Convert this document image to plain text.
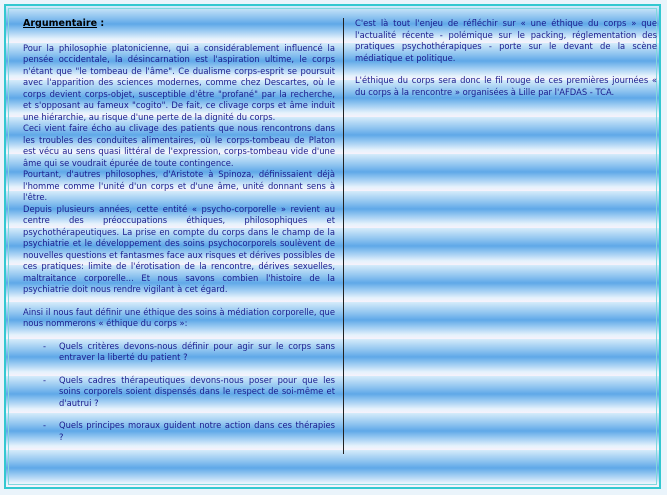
Argumentaire :

Pour la philosophie platonicienne, qui a considérablement influencé la pensée occidentale, la désincarnation est l'aspiration ultime, le corps n'étant que "le tombeau de l'âme". Ce dualisme corps-esprit se poursuit avec l'apparition des sciences modernes, comme chez Descartes, où le corps devient corps-objet, susceptible d'être "profané" par la recherche, et s'opposant au fameux "cogito". De fait, ce clivage corps et âme induit une hiérarchie, au risque d'une perte de la dignité du corps.

Ceci vient faire écho au clivage des patients que nous rencontrons dans les troubles des conduites alimentaires, où le corps-tombeau de Platon est vécu au sens quasi littéral de l'expression, corps-tombeau vide d'une âme qui se voudrait épurée de toute contingence.

Pourtant, d'autres philosophes, d'Aristote à Spinoza, définissaient déjà l'homme comme l'unité d'un corps et d'une âme, unité donnant sens à l'être.

Depuis plusieurs années, cette entité « psycho-corporelle » revient au centre des préoccupations éthiques, philosophiques et psychothérapeutiques. La prise en compte du corps dans le champ de la psychiatrie et le développement des soins psychocorporels soulèvent de nouvelles questions et fantasmes face aux risques et dérives possibles de ces pratiques: limite de l'érotisation de la rencontre, dérives sexuelles, maltraitance corporelle... Et nous savons combien l'histoire de la psychiatrie doit nous rendre vigilant à cet égard.

Ainsi il nous faut définir une éthique des soins à médiation corporelle, que nous nommerons « éthique du corps »:

- Quels critères devons-nous définir pour agir sur le corps sans entraver la liberté du patient ?
- Quels cadres thérapeutiques devons-nous poser pour que les soins corporels soient dispensés dans le respect de soi-même et d'autrui ?
- Quels principes moraux guident notre action dans ces thérapies ?

C'est là tout l'enjeu de réfléchir sur « une éthique du corps » que l'actualité récente - polémique sur le packing, réglementation des pratiques psychothérapiques - porte sur le devant de la scène médiatique et politique.

L'éthique du corps sera donc le fil rouge de ces premières journées « du corps à la rencontre » organisées à Lille par l'AFDAS - TCA.
